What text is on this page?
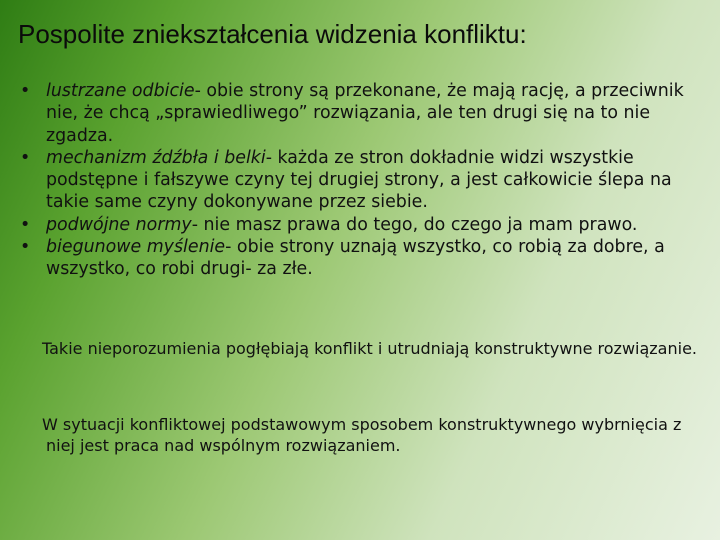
Pospolite zniekształcenia widzenia konfliktu:
• lustrzane odbicie- obie strony są przekonane, że mają rację, a przeciwnik nie, że chcą „sprawiedliwego” rozwiązania, ale ten drugi się na to nie zgadza.
• mechanizm źdźbła i belki- każda ze stron dokładnie widzi wszystkie podstępne i fałszywe czyny tej drugiej strony, a jest całkowicie ślepa na takie same czyny dokonywane przez siebie.
• podwójne normy- nie masz prawa do tego, do czego ja mam prawo.
• biegunowe myślenie- obie strony uznają wszystko, co robią za dobre, a wszystko, co robi drugi- za złe.

Takie nieporozumienia pogłębiają konflikt i utrudniają konstruktywne rozwiązanie.

W sytuacji konfliktowej podstawowym sposobem konstruktywnego wybrnięcia z niej jest praca nad wspólnym rozwiązaniem.
